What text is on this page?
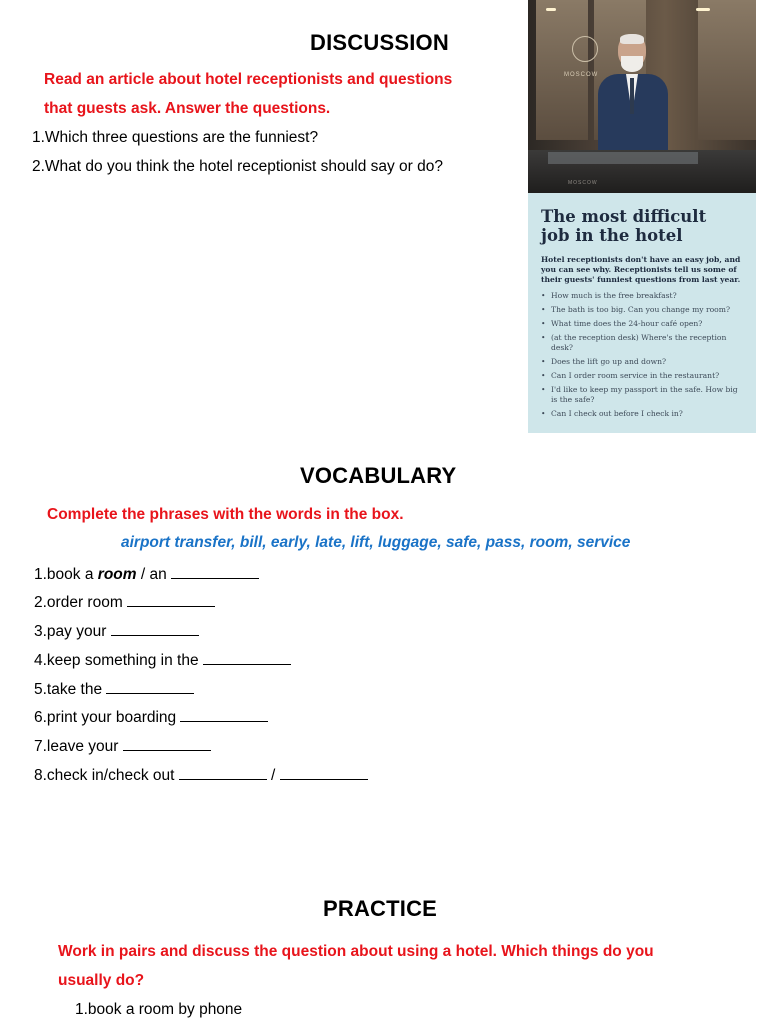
DISCUSSION
Read an article about hotel receptionists and questions
that guests ask. Answer the questions.
1.Which three questions are the funniest?
2.What do you think the hotel receptionist should say or do?
MOSCOW
MOSCOW
The most difficult
job in the hotel
Hotel receptionists don't have an easy job, and you can see why. Receptionists tell us some of their guests' funniest questions from last year.
• How much is the free breakfast?
• The bath is too big. Can you change my room?
• What time does the 24-hour café open?
• (at the reception desk) Where's the reception desk?
• Does the lift go up and down?
• Can I order room service in the restaurant?
• I'd like to keep my passport in the safe. How big is the safe?
• Can I check out before I check in?
VOCABULARY
Complete the phrases with the words in the box.
airport transfer, bill, early, late, lift, luggage, safe, pass, room, service
1.book a room / an
2.order room
3.pay your
4.keep something in the
5.take the
6.print your boarding
7.leave your
8.check in/check out	/
PRACTICE
Work in pairs and discuss the question about using a hotel. Which things do you
usually do?
1.book a room by phone
